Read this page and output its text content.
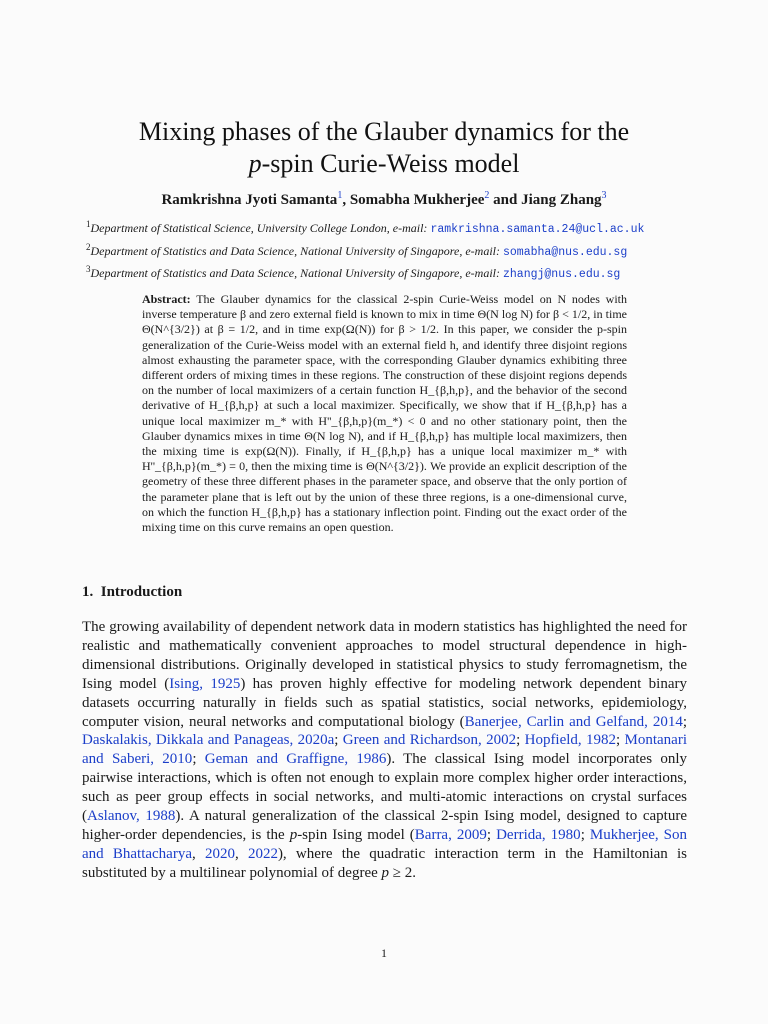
Mixing phases of the Glauber dynamics for the
p-spin Curie-Weiss model
Ramkrishna Jyoti Samanta$^1$, Somabha Mukherjee$^2$ and Jiang Zhang$^3$
$^1$Department of Statistical Science, University College London, e-mail: ramkrishna.samanta.24@ucl.ac.uk
$^2$Department of Statistics and Data Science, National University of Singapore, e-mail: somabha@nus.edu.sg
$^3$Department of Statistics and Data Science, National University of Singapore, e-mail: zhangj@nus.edu.sg
Abstract: The Glauber dynamics for the classical 2-spin Curie-Weiss model on N nodes with inverse temperature β and zero external field is known to mix in time Θ(N log N) for β < 1/2, in time Θ(N^{3/2}) at β = 1/2, and in time exp(Ω(N)) for β > 1/2. In this paper, we consider the p-spin generalization of the Curie-Weiss model with an external field h, and identify three disjoint regions almost exhausting the parameter space, with the corresponding Glauber dynamics exhibiting three different orders of mixing times in these regions. The construction of these disjoint regions depends on the number of local maximizers of a certain function H_{β,h,p}, and the behavior of the second derivative of H_{β,h,p} at such a local maximizer. Specifically, we show that if H_{β,h,p} has a unique local maximizer m_* with H''_{β,h,p}(m_*) < 0 and no other stationary point, then the Glauber dynamics mixes in time Θ(N log N), and if H_{β,h,p} has multiple local maximizers, then the mixing time is exp(Ω(N)). Finally, if H_{β,h,p} has a unique local maximizer m_* with H''_{β,h,p}(m_*) = 0, then the mixing time is Θ(N^{3/2}). We provide an explicit description of the geometry of these three different phases in the parameter space, and observe that the only portion of the parameter plane that is left out by the union of these three regions, is a one-dimensional curve, on which the function H_{β,h,p} has a stationary inflection point. Finding out the exact order of the mixing time on this curve remains an open question.
1. Introduction
The growing availability of dependent network data in modern statistics has highlighted the need for realistic and mathematically convenient approaches to model structural dependence in high-dimensional distributions. Originally developed in statistical physics to study ferromagnetism, the Ising model (Ising, 1925) has proven highly effective for modeling network dependent binary datasets occurring naturally in fields such as spatial statistics, social networks, epidemiology, computer vision, neural networks and computational biology (Banerjee, Carlin and Gelfand, 2014; Daskalakis, Dikkala and Panageas, 2020a; Green and Richardson, 2002; Hopfield, 1982; Montanari and Saberi, 2010; Geman and Graffigne, 1986). The classical Ising model incorporates only pairwise interactions, which is often not enough to explain more complex higher order interactions, such as peer group effects in social networks, and multi-atomic interactions on crystal surfaces (Aslanov, 1988). A natural generalization of the classical 2-spin Ising model, designed to capture higher-order dependencies, is the p-spin Ising model (Barra, 2009; Derrida, 1980; Mukherjee, Son and Bhattacharya, 2020, 2022), where the quadratic interaction term in the Hamiltonian is substituted by a multilinear polynomial of degree p ≥ 2.
1
